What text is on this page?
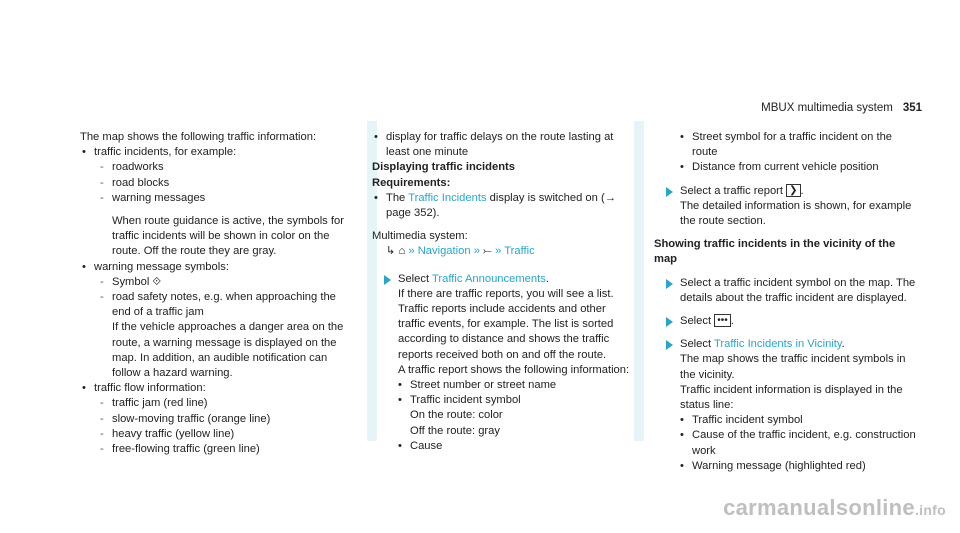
MBUX multimedia system 351

The map shows the following traffic information:

• traffic incidents, for example:

- roadworks

- road blocks

- warning messages

When route guidance is active, the symbols for traffic incidents will be shown in color on the route. Off the route they are gray.

• warning message symbols:

- Symbol ⟐

- road safety notes, e.g. when approaching the end of a traffic jam

If the vehicle approaches a danger area on the route, a warning message is displayed on the map. In addition, an audible notification can follow a hazard warning.

• traffic flow information:

- traffic jam (red line)

- slow-moving traffic (orange line)

- heavy traffic (yellow line)

- free-flowing traffic (green line)

• display for traffic delays on the route lasting at least one minute

Displaying traffic incidents

Requirements:

• The Traffic Incidents display is switched on (→ page 352).

Multimedia system:

↳ ⌂ » Navigation » ⤚ » Traffic

Select Traffic Announcements.

If there are traffic reports, you will see a list. Traffic reports include accidents and other traffic events, for example. The list is sorted according to distance and shows the traffic reports received both on and off the route.

A traffic report shows the following information:

• Street number or street name

• Traffic incident symbol

On the route: color

Off the route: gray

• Cause

• Street symbol for a traffic incident on the route

• Distance from current vehicle position

Select a traffic report ❯ .

The detailed information is shown, for example the route section.

Showing traffic incidents in the vicinity of the map

Select a traffic incident symbol on the map. The details about the traffic incident are displayed.

Select ••• .

Select Traffic Incidents in Vicinity.

The map shows the traffic incident symbols in the vicinity.

Traffic incident information is displayed in the status line:

• Traffic incident symbol

• Cause of the traffic incident, e.g. construction work

• Warning message (highlighted red)

carmanualsonline.info
